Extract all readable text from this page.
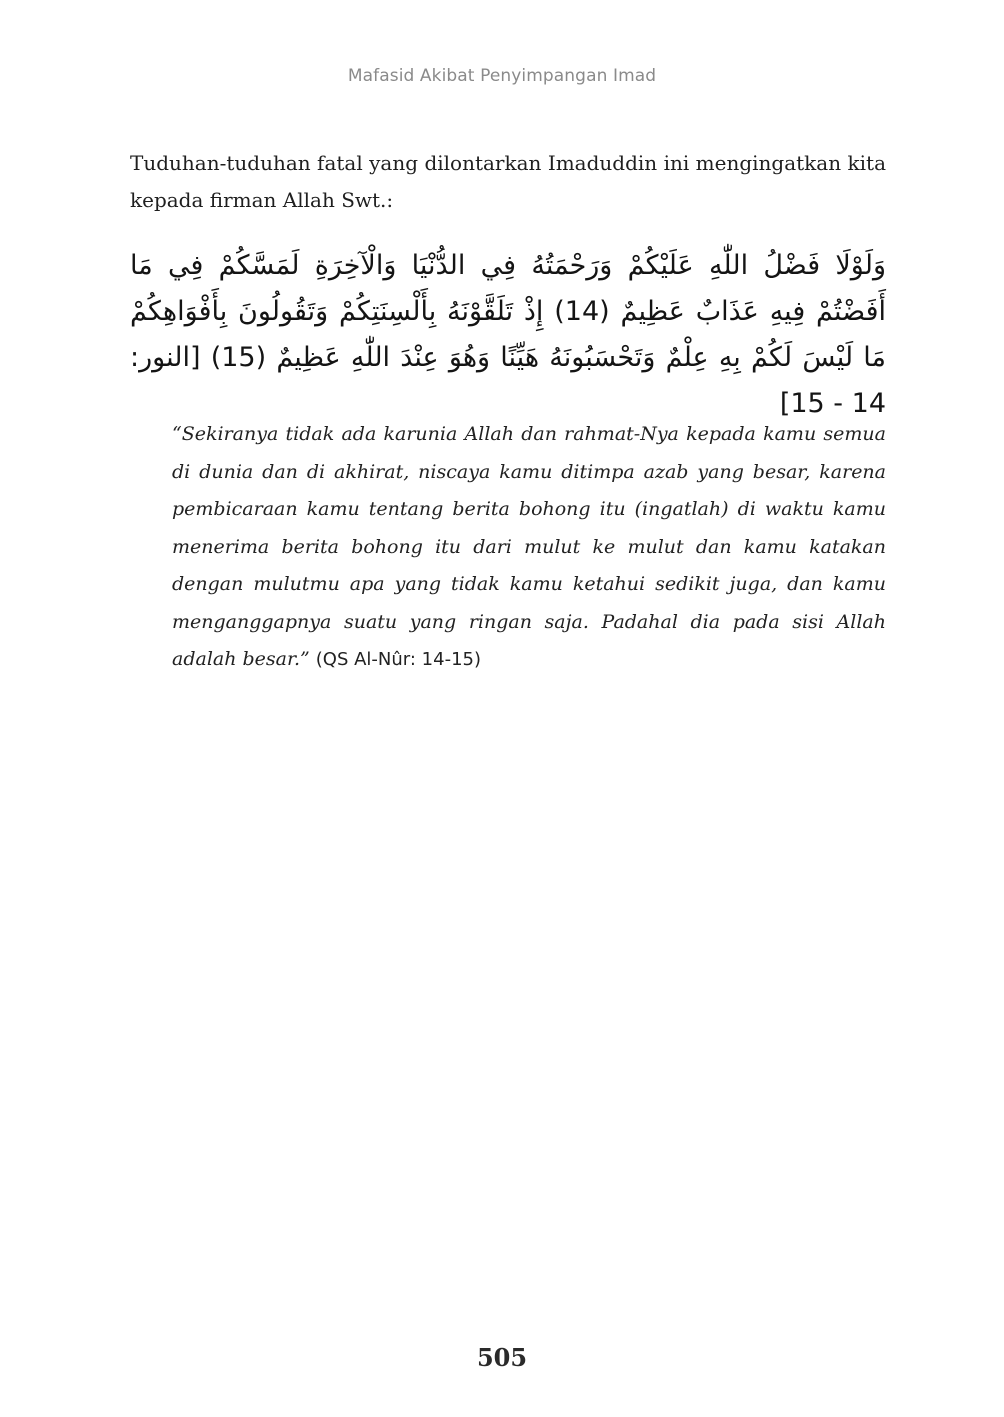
Mafasid Akibat Penyimpangan Imad

Tuduhan-tuduhan fatal yang dilontarkan Imaduddin ini mengingatkan kita kepada firman Allah Swt.:

وَلَوْلَا فَضْلُ اللّٰهِ عَلَيْكُمْ وَرَحْمَتُهُ فِي الدُّنْيَا وَالْآخِرَةِ لَمَسَّكُمْ فِي مَا أَفَضْتُمْ فِيهِ عَذَابٌ عَظِيمٌ (14) إِذْ تَلَقَّوْنَهُ بِأَلْسِنَتِكُمْ وَتَقُولُونَ بِأَفْوَاهِكُمْ مَا لَيْسَ لَكُمْ بِهِ عِلْمٌ وَتَحْسَبُونَهُ هَيِّنًا وَهُوَ عِنْدَ اللّٰهِ عَظِيمٌ (15) [النور: 14 - 15]

“Sekiranya tidak ada karunia Allah dan rahmat-Nya kepada kamu semua di dunia dan di akhirat, niscaya kamu ditimpa azab yang besar, karena pembicaraan kamu tentang berita bohong itu (ingatlah) di waktu kamu menerima berita bohong itu dari mulut ke mulut dan kamu katakan dengan mulutmu apa yang tidak kamu ketahui sedikit juga, dan kamu menganggapnya suatu yang ringan saja. Padahal dia pada sisi Allah adalah besar.” (QS Al-Nûr: 14-15)

505
